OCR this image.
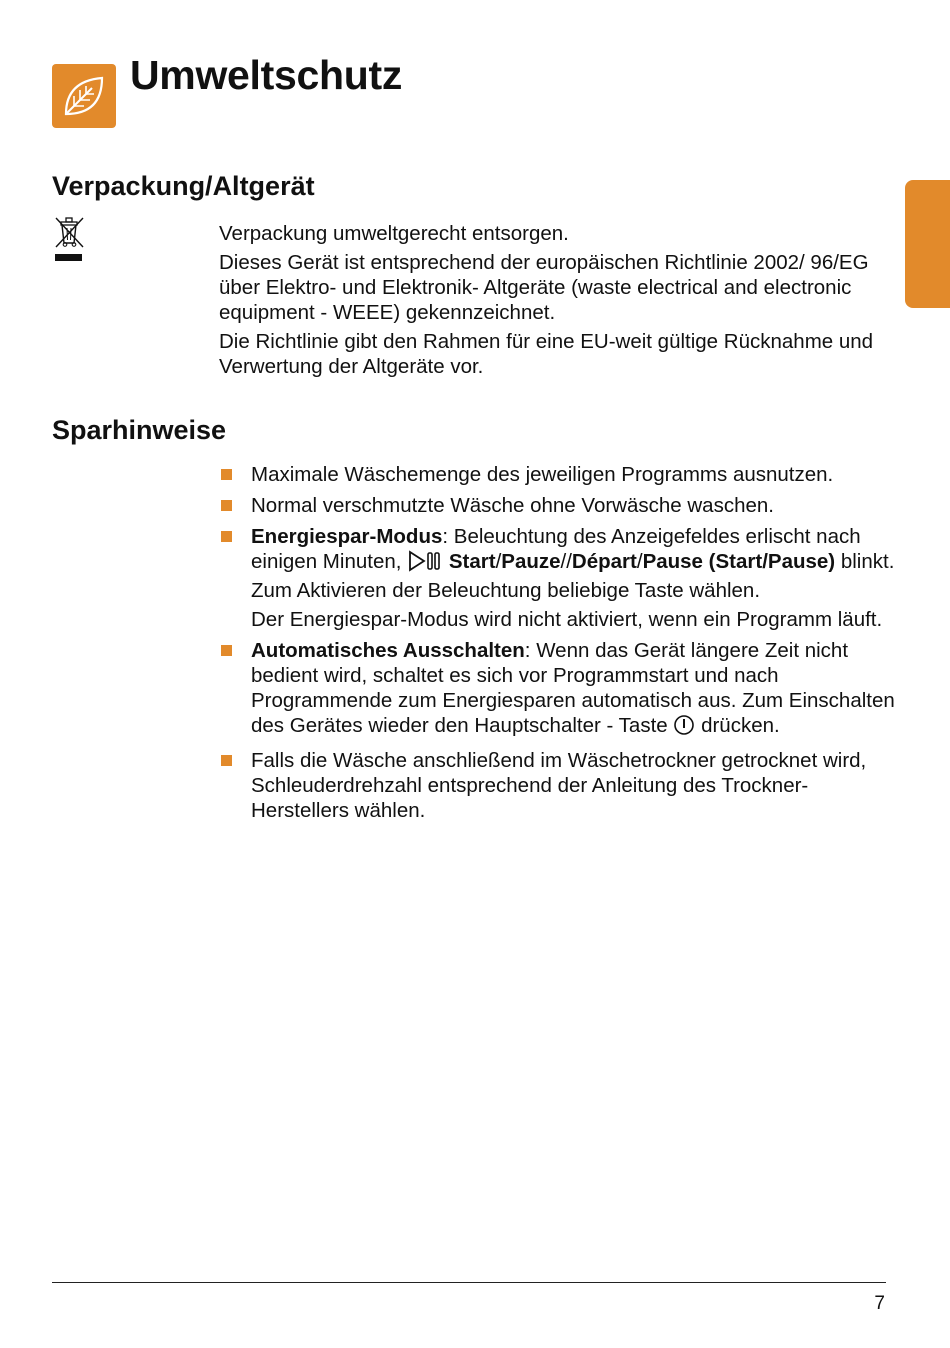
Umweltschutz
Verpackung/Altgerät

Verpackung umweltgerecht entsorgen.

Dieses Gerät ist entsprechend der europäischen Richtlinie 2002/ 96/EG über Elektro- und Elektronik- Altgeräte (waste electrical and electronic equipment - WEEE) gekennzeichnet.

Die Richtlinie gibt den Rahmen für eine EU-weit gültige Rücknahme und Verwertung der Altgeräte vor.

Sparhinweise

Maximale Wäschemenge des jeweiligen Programms ausnutzen.

Normal verschmutzte Wäsche ohne Vorwäsche waschen.

Energiespar-Modus: Beleuchtung des Anzeigefeldes erlischt nach einigen Minuten,  Start/Pauze//Départ/Pause (Start/Pause) blinkt. Zum Aktivieren der Beleuchtung beliebige Taste wählen.

Der Energiespar-Modus wird nicht aktiviert, wenn ein Programm läuft.

Automatisches Ausschalten: Wenn das Gerät längere Zeit nicht bedient wird, schaltet es sich vor Programmstart und nach Programmende zum Energiesparen automatisch aus. Zum Einschalten des Gerätes wieder den Hauptschalter - Taste  drücken.

Falls die Wäsche anschließend im Wäschetrockner getrocknet wird, Schleuderdrehzahl entsprechend der Anleitung des Trockner-Herstellers wählen.

7
